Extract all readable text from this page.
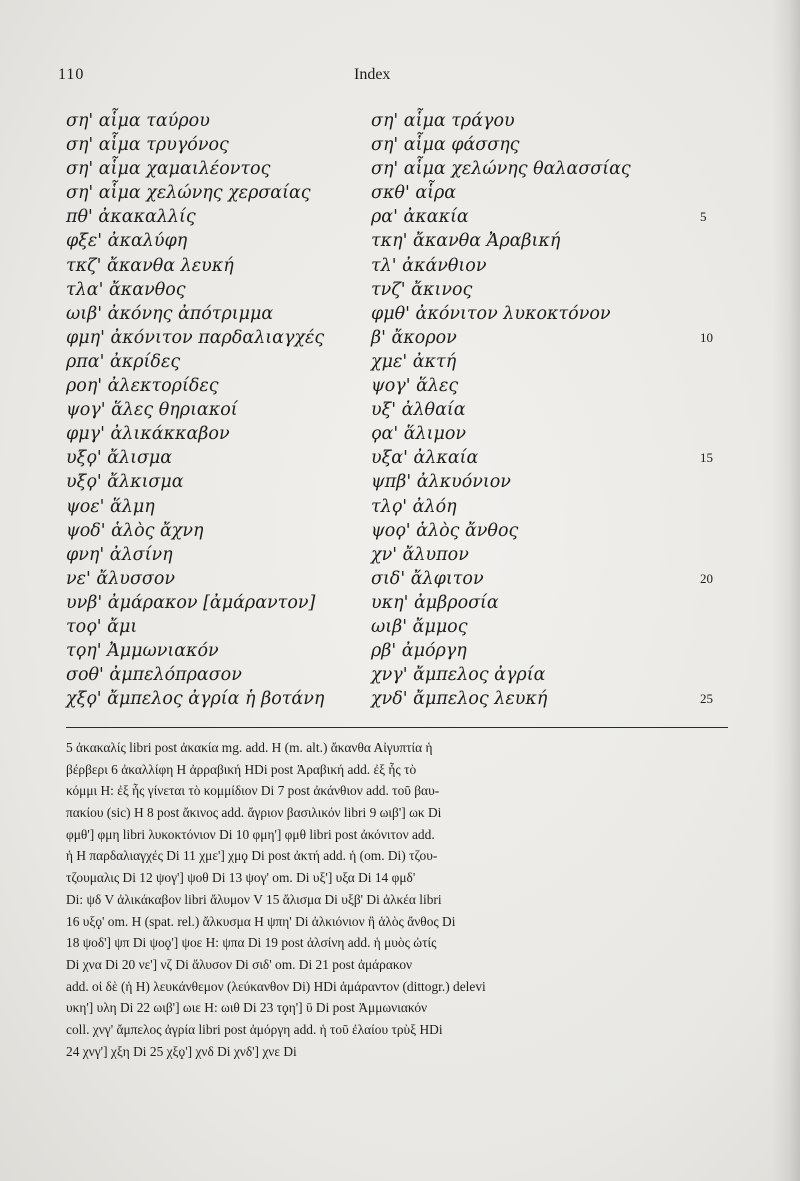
110	Index
ση' αἷμα ταύρου
ση' αἷμα τρυγόνος
ση' αἷμα χαμαιλέοντος
ση' αἷμα χελώνης χερσαίας
πθ' ἀκακαλλίς
φξε' ἀκαλύφη
τκζ' ἄκανθα λευκή
τλα' ἄκανθος
ωιβ' ἀκόνης ἀπότριμμα
φμη' ἀκόνιτον παρδαλιαγχές
ρπα' ἀκρίδες
ροη' ἀλεκτορίδες
ψογ' ἅλες θηριακοί
φμγ' ἀλικάκκαβον
υξϙ' ἄλισμα
υξϙ' ἄλκισμα
ψοε' ἅλμη
ψοδ' ἁλὸς ἄχνη
φνη' ἀλσίνη
νε' ἄλυσσον
υνβ' ἀμάρακον [ἀμάραντον]
τοϙ' ἄμι
τϙη' Ἀμμωνιακόν
σοθ' ἀμπελόπρασον
χξϙ' ἄμπελος ἀγρία ἡ βοτάνη
ση' αἷμα τράγου
ση' αἷμα φάσσης
ση' αἷμα χελώνης θαλασσίας
σκθ' αἷρα
ρα' ἀκακία
τκη' ἄκανθα Ἀραβική
τλ' ἀκάνθιον
τνζ' ἄκινος
φμθ' ἀκόνιτον λυκοκτόνον
β' ἄκορον
χμε' ἀκτή
ψογ' ἅλες
υξ' ἀλθαία
ϙα' ἅλιμον
υξα' ἀλκαία
ψπβ' ἀλκυόνιον
τλϙ' ἀλόη
ψοϙ' ἁλὸς ἄνθος
χν' ἄλυπον
σιδ' ἄλφιτον
υκη' ἀμβροσία
ωιβ' ἄμμος
ρβ' ἀμόργη
χνγ' ἄμπελος ἀγρία
χνδ' ἄμπελος λευκή
5
10
15
20
25
5 ἀκακαλίς libri post ἀκακία mg. add. H (m. alt.) ἄκανθα Αἰγυπτία ἡ
βέρβερι 6 ἀκαλλίφη H ἀρραβική HDi post Ἀραβική add. ἐξ ἧς τὸ
κόμμι H: ἐξ ἧς γίνεται τὸ κομμίδιον Di 7 post ἀκάνθιον add. τοῦ βαυ-
πακίου (sic) H 8 post ἄκινος add. ἄγριον βασιλικόν libri 9 ωιβ'] ωκ Di
φμθ'] φμη libri λυκοκτόνιον Di 10 φμη'] φμθ libri post ἀκόνιτον add.
ἡ H παρδαλιαγχές Di 11 χμε'] χμϙ Di post ἀκτή add. ἡ (om. Di) τζου-
τζουμαλις Di 12 ψογ'] ψοθ Di 13 ψογ' om. Di υξ'] υξα Di 14 φμδ'
Di: ψδ V ἀλικάκαβον libri ἄλυμον V 15 ἄλισμα Di υξβ' Di ἀλκέα libri
16 υξϙ' om. H (spat. rel.) ἄλκυσμα H ψπη' Di ἀλκιόνιον ἢ ἁλὸς ἄνθος Di
18 ψοδ'] ψπ Di ψοϙ'] ψοε H: ψπα Di 19 post ἀλσίνη add. ἡ μυὸς ὠτίς
Di χνα Di 20 νε'] νζ Di ἄλυσον Di σιδ' om. Di 21 post ἀμάρακον
add. οἱ δὲ (ἡ H) λευκάνθεμον (λεύκανθον Di) HDi ἀμάραντον (dittogr.) delevi
υκη'] υλη Di 22 ωιβ'] ωιε H: ωιθ Di 23 τϙη'] ῡ Di post Ἀμμωνιακόν
coll. χνγ' ἄμπελος ἀγρία libri post ἀμόργη add. ἡ τοῦ ἐλαίου τρὺξ HDi
24 χνγ'] χξη Di 25 χξϙ'] χνδ Di χνδ'] χνε Di
